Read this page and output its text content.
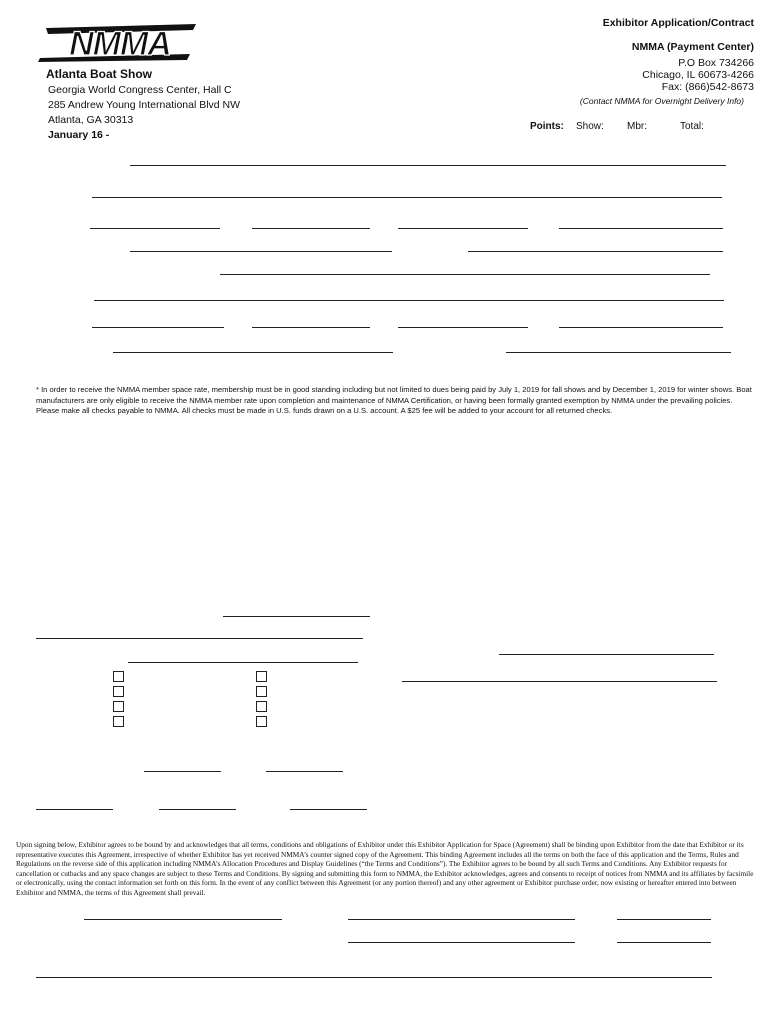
NMMA
Exhibitor Application/Contract
NMMA (Payment Center)
P.O Box 734266
Chicago, IL 60673-4266
Fax: (866)542-8673
(Contact NMMA for Overnight Delivery Info)
Atlanta Boat Show
Georgia World Congress Center, Hall C
285 Andrew Young International Blvd NW
Atlanta, GA 30313
January 16 -
Points: Show: Mbr:	Total:
* In order to receive the NMMA member space rate, membership must be in good standing including but not limited to dues being paid by July 1, 2019 for fall shows and by December 1, 2019 for winter shows. Boat manufacturers are only eligible to receive the NMMA member rate upon completion and maintenance of NMMA Certification, or having been formally granted exemption by NMMA under the prevailing policies. Please make all checks payable to NMMA. All checks must be made in U.S. funds drawn on a U.S. account. A $25 fee will be added to your account for all returned checks.
Upon signing below, Exhibitor agrees to be bound by and acknowledges that all terms, conditions and obligations of Exhibitor under this Exhibitor Application for Space (Agreement) shall be binding upon Exhibitor from the date that Exhibitor or its representative executes this Agreement, irrespective of whether Exhibitor has yet received NMMA’s counter signed copy of the Agreement. This binding Agreement includes all the terms on both the face of this application and the Terms, Rules and Regulations on the reverse side of this application including NMMA’s Allocation Procedures and Display Guidelines (“the Terms and Conditions”). The Exhibitor agrees to be bound by all such Terms and Conditions. Any Exhibitor requests for cancellation or cutbacks and any space changes are subject to these Terms and Conditions. By signing and submitting this form to NMMA, the Exhibitor acknowledges, agrees and consents to receipt of notices from NMMA and its affiliates by facsimile or electronically, using the contact information set forth on this form. In the event of any conflict between this Agreement (or any portion thereof) and any other agreement or Exhibitor purchase order, now existing or hereafter entered into between Exhibitor and NMMA, the terms of this Agreement shall prevail.
